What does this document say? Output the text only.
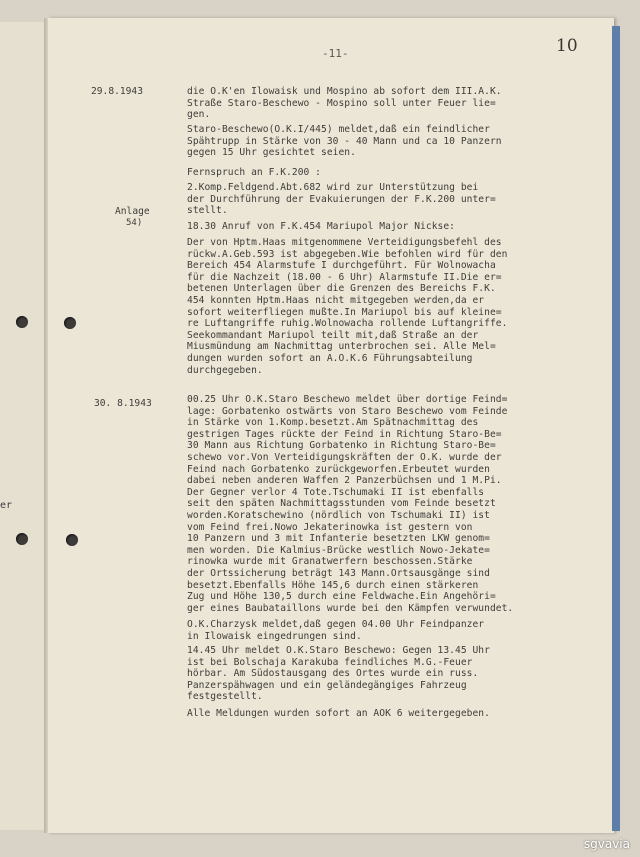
er
10
-11-
29.8.1943
30. 8.1943
Anlage
54)
die O.K'en Ilowaisk und Mospino ab sofort dem III.A.K.
Straße Staro-Beschewo - Mospino soll unter Feuer lie=
gen.
Staro-Beschewo(O.K.I/445) meldet,daß ein feindlicher
Spähtrupp in Stärke von 30 - 40 Mann und ca 10 Panzern
gegen 15 Uhr gesichtet seien.
Fernspruch an F.K.200 :
2.Komp.Feldgend.Abt.682 wird zur Unterstützung bei
der Durchführung der Evakuierungen der F.K.200 unter=
stellt.
18.30 Anruf von F.K.454 Mariupol Major Nickse:
Der von Hptm.Haas mitgenommene Verteidigungsbefehl des
rückw.A.Geb.593 ist abgegeben.Wie befohlen wird für den
Bereich 454 Alarmstufe I durchgeführt. Für Wolnowacha
für die Nachzeit (18.00 - 6 Uhr) Alarmstufe II.Die er=
betenen Unterlagen über die Grenzen des Bereichs F.K.
454 konnten Hptm.Haas nicht mitgegeben werden,da er
sofort weiterfliegen mußte.In Mariupol bis auf kleine=
re Luftangriffe ruhig.Wolnowacha rollende Luftangriffe.
Seekommandant Mariupol teilt mit,daß Straße an der
Miusmündung am Nachmittag unterbrochen sei. Alle Mel=
dungen wurden sofort an A.O.K.6 Führungsabteilung
durchgegeben.
00.25 Uhr O.K.Staro Beschewo meldet über dortige Feind=
lage: Gorbatenko ostwärts von Staro Beschewo vom Feinde
in Stärke von 1.Komp.besetzt.Am Spätnachmittag des
gestrigen Tages rückte der Feind in Richtung Staro-Be=
30 Mann aus Richtung Gorbatenko in Richtung Staro-Be=
schewo vor.Von Verteidigungskräften der O.K. wurde der
Feind nach Gorbatenko zurückgeworfen.Erbeutet wurden
dabei neben anderen Waffen 2 Panzerbüchsen und 1 M.Pi.
Der Gegner verlor 4 Tote.Tschumaki II ist ebenfalls
seit den späten Nachmittagsstunden vom Feinde besetzt
worden.Koratschewino (nördlich von Tschumaki II) ist
vom Feind frei.Nowo Jekaterinowka ist gestern von
10 Panzern und 3 mit Infanterie besetzten LKW genom=
men worden. Die Kalmius-Brücke westlich Nowo-Jekate=
rinowka wurde mit Granatwerfern beschossen.Stärke
der Ortssicherung beträgt 143 Mann.Ortsausgänge sind
besetzt.Ebenfalls Höhe 145,6 durch einen stärkeren
Zug und Höhe 130,5 durch eine Feldwache.Ein Angehöri=
ger eines Baubataillons wurde bei den Kämpfen verwundet.
O.K.Charzysk meldet,daß gegen 04.00 Uhr Feindpanzer
in Ilowaisk eingedrungen sind.
14.45 Uhr meldet O.K.Staro Beschewo: Gegen 13.45 Uhr
ist bei Bolschaja Karakuba feindliches M.G.-Feuer
hörbar. Am Südostausgang des Ortes wurde ein russ.
Panzerspähwagen und ein geländegängiges Fahrzeug
festgestellt.
Alle Meldungen wurden sofort an AOK 6 weitergegeben.
sgvavia
